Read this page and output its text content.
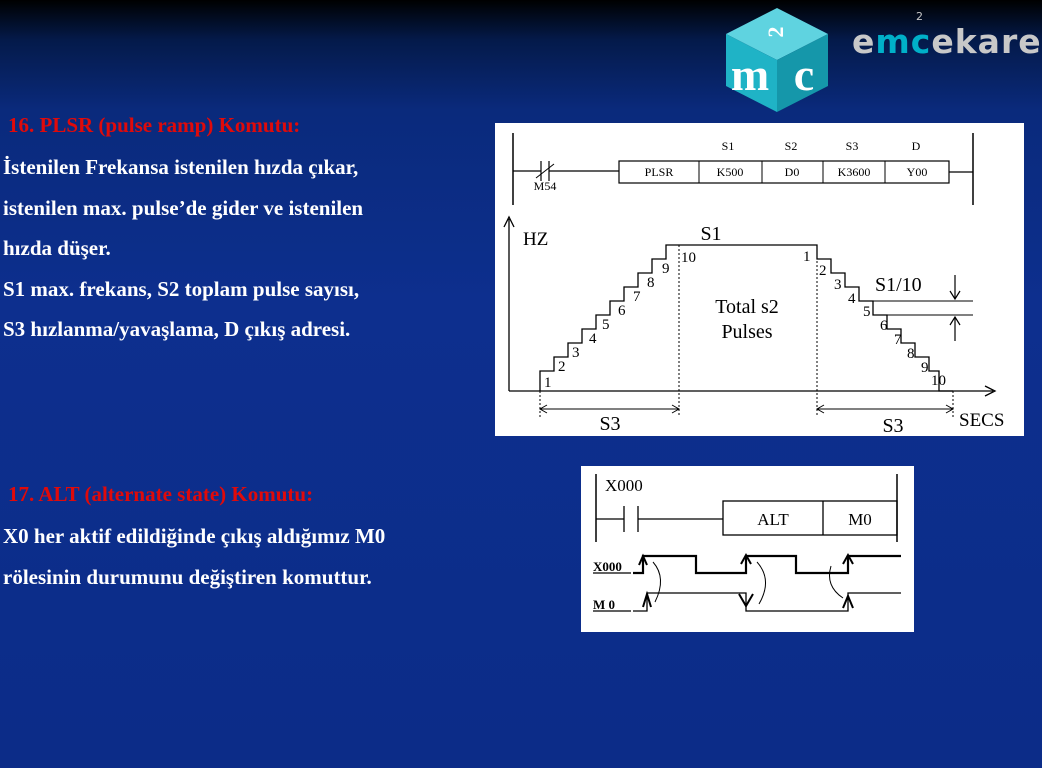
2
m c
emcekare
2
16. PLSR (pulse ramp) Komutu:
İstenilen Frekansa istenilen hızda çıkar,
istenilen max. pulse’de gider ve istenilen
hızda düşer.
S1 max. frekans, S2 toplam pulse sayısı,
S3 hızlanma/yavaşlama, D çıkış adresi.
M54
S1	S2	S3	D
PLSR	K500	D0	K3600	Y00
HZ
SECS
1
2
3
4
5
6
7
8
9
10	1
2
3
4
5
6
7
8
9
10
S1
Total s2
Pulses
S1/10
S3	S3
17. ALT (alternate state) Komutu:
X0 her aktif edildiğinde çıkış aldığımız M0
rölesinin durumunu değiştiren komuttur.
X000
ALT	M0
X000
M 0
